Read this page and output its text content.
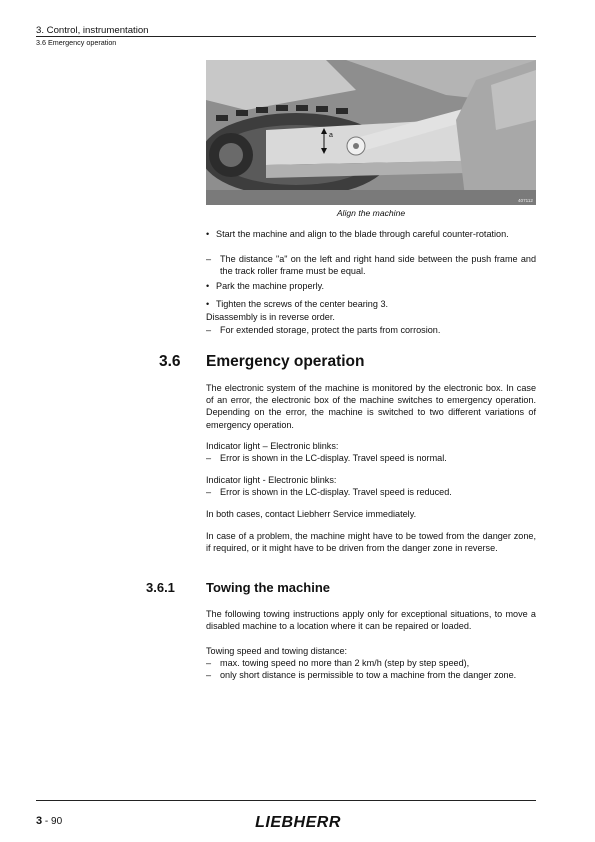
3. Control, instrumentation
3.6 Emergency operation
a
407112
Align the machine
• Start the machine and align to the blade through careful counter-rotation.
– The distance "a" on the left and right hand side between the push frame and the track roller frame must be equal.
• Park the machine properly.
• Tighten the screws of the center bearing 3.
Disassembly is in reverse order.
– For extended storage, protect the parts from corrosion.
3.6 Emergency operation
The electronic system of the machine is monitored by the electronic box. In case of an error, the electronic box of the machine switches to emergency operation. Depending on the error, the machine is switched to two different variations of emergency operation.
Indicator light – Electronic blinks:
– Error is shown in the LC-display. Travel speed is normal.
Indicator light - Electronic blinks:
– Error is shown in the LC-display. Travel speed is reduced.
In both cases, contact Liebherr Service immediately.
In case of a problem, the machine might have to be towed from the danger zone, if required, or it might have to be driven from the danger zone in reverse.
3.6.1 Towing the machine
The following towing instructions apply only for exceptional situations, to move a disabled machine to a location where it can be repaired or loaded.
Towing speed and towing distance:
– max. towing speed no more than 2 km/h (step by step speed),
– only short distance is permissible to tow a machine from the danger zone.
3 - 90	LIEBHERR
